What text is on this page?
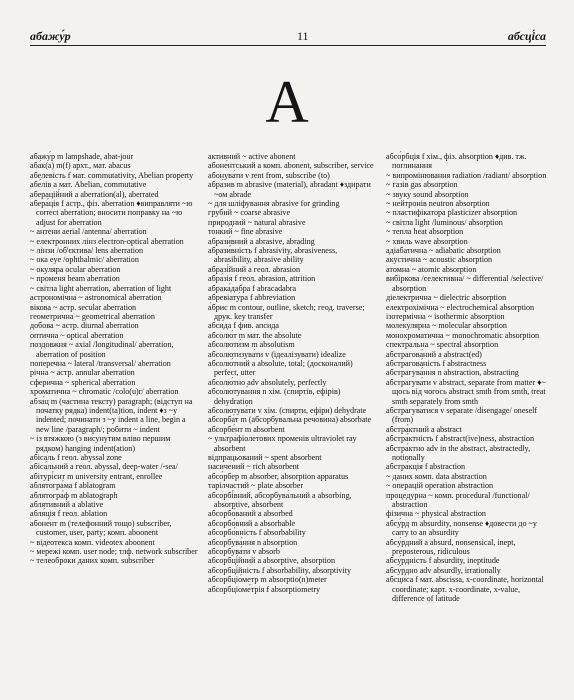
абажу́р	11	абсці́са
A

абажу́р m lampshade, abat-jour

аба́к(а) m(f) архт., мат. abacus

абелевість f мат. commutativity, Abelian property

абе́лів а мат. Abelian, commutative

аберацій́ний a aberration(al), aberrated

абера́ція f астр., фіз. aberration ♦виправляти ~ю correct aberration; вносити поправку на ~ю adjust for aberration

~ антени aerial /antenna/ aberration

~ електронних лінз electron-optical aberration

~ лінзи /об'єктива/ lens aberration

~ ока eye /ophthalmic/ aberration

~ окуляра ocular aberration

~ променя beam aberration

~ світла light aberration, aberration of light

астрономічна ~ astronomical aberration

вікова ~ астр. secular aberration

геометрична ~ geometrical aberration

добова ~ астр. diurnal aberration

оптична ~ optical aberration

поздовжня ~ axial /longitudinal/ aberration, aberration of position

поперечна ~ lateral /transversal/ aberration

річна ~ астр. annular aberration

сферична ~ spherical aberration

хроматична ~ chromatic /colo(u)r/ aberration

абза́ц m (частина тексту) paragraph; (відступ на початку рядка) indent(ta)tion, indent ♦з ~у indented; починати з ~у indent a line, begin a new line /paragraph/; робити ~ indent

~ із втяжкою (з висунутим вліво першим рядком) hanging indent(ation)

абісаль f геол. abyssal zone

абіса́льний a геол. abyssal, deep-water /-sea/

абітурі́єнт m university entrant, enrollee

аблятогра́ма f ablatogram

аблятогра́ф m ablatograph

аблятивний a ablative

абля́ція f геол. ablation

абоне́нт m (телефонний тощо) subscriber, customer, user, party; комп. aboonent

~ відеотекса комп. videotex aboonent

~ мережі комп. user node; тлф. network subscriber

~ телеоброки даних комп. subscriber

активний ~ active abonent

абоне́нтський a комп. abonent, subscriber, service

абонува́ти v rent from, subscribe (to)

абра́зив m abrasive (material), abradant ♦здирати ~ом abrade

~ для шліфування abrasive for grinding

грубий ~ coarse abrasive

природний ~ natural abrasive

тонкий ~ fine abrasive

абрази́вний a abrasive, abrading

абрази́вність f abrasivity, abrasiveness, abrasibility, abrasive ability

абразі́йний a геол. abrasion

абра́зія f геол. abrasion, attrition

абрака́дабра f abracadabra

абревіату́ра f abbreviation

а́брис m contour, outline, sketch; геод. traverse; друк. key transfer

абсида f фив. апсида

абсолю́т m мат. the absolute

абсолюти́зм m absolutism

абсолютизува́ти v (ідеалізувати) idealize

абсолю́тний a absolute, total; (досконалий) perfect, utter

абсолю́тно adv absolutely, perfectly

абсолютува́ння n хім. (спиртів, ефірів) dehydration

абсолютува́ти v хім. (спирти, ефіри) dehydrate

абсорба́т m (абсорбувальна речовина) absorbate

абсорбе́нт m absorbent

~ ультрафіолетових променів ultraviolet ray absorbent

відпрацьований ~ spent absorbent

насичений ~ rich absorbent

абсо́рбер m absorber, absorption apparatus

тарілчастий ~ plate absorber

абсорбі́вний, абсорбува́льний a absorbing, absorptive, absorbent

абсорбо́ваний a absorbed

абсорбо́вний a absorbable

абсорбо́вність f absorbability

абсорбува́ння n absorption

абсорбува́ти v absorb

абсорбці́йний a absorptive, absorption

абсорбці́йність f absorbability, absorptivity

абсорбціо́метр m absorptio(n)meter

абсорбціоме́трія f absorptiometry

абсо́рбція f хім., фіз. absorption ♦див. тж. поглинання

~ випромінювання radiation /radiant/ absorption

~ газів gas absorption

~ звуку sound absorption

~ нейтронів neutron absorption

~ пластифікатора plasticizer absorption

~ світла light /luminous/ absorption

~ тепла heat absorption

~ хвиль wave absorption

адіабатична ~ adiabatic absorption

акустична ~ acoustic absorption

атомна ~ atomic absorption

вибіркова /селективна/ ~ differential /selective/ absorption

діелектрична ~ dielectric absorption

електрохімічна ~ electrochemical absorption

ізотермічна ~ isothermic absorption

молекулярна ~ molecular absorption

монохроматична ~ monochromatic absorption

спектральна ~ spectral absorption

абстрагова́ний a abstract(ed)

абстрагова́ність f abstractness

абстрагува́ння n abstraction, abstracting

абстрагува́ти v abstract, separate from matter ♦~ щось від чогось abstract smth from smth, treat smth separately from smth

абстрагува́тися v separate /disengage/ oneself (from)

абстра́ктний a abstract

абстра́ктність f abstract(ive)ness, abstraction

абстра́ктно adv in the abstract, abstractedly, notionally

абстра́кція f abstraction

~ даних комп. data abstraction

~ операцій operation abstraction

процедурна ~ комп. procedural /functional/ abstraction

фізична ~ physical abstraction

абсу́рд m absurdity, nonsense ♦довести до ~у carry to an absurdity

абсу́рдний a absurd, nonsensical, inept, preposterous, ridiculous

абсу́рдність f absurdity, ineptitude

абсу́рдно adv absurdly, irrationally

абсци́са f мат. abscissa, x-coordinate, horizontal coordinate; карт. x-coordinate, x-value, difference of latitude
